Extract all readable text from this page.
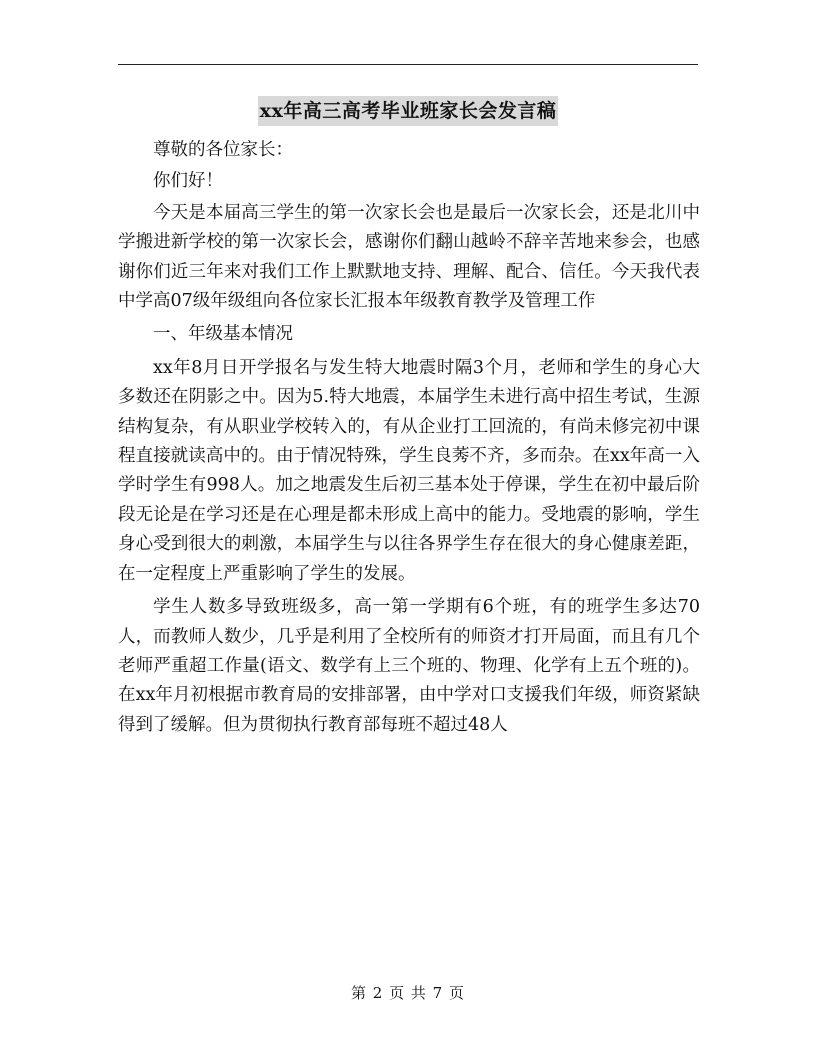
xx年高三高考毕业班家长会发言稿

尊敬的各位家长：

你们好！

今天是本届高三学生的第一次家长会也是最后一次家长会，还是北川中学搬进新学校的第一次家长会，感谢你们翻山越岭不辞辛苦地来参会，也感谢你们近三年来对我们工作上默默地支持、理解、配合、信任。今天我代表中学高07级年级组向各位家长汇报本年级教育教学及管理工作

一、年级基本情况

xx年8月日开学报名与发生特大地震时隔3个月，老师和学生的身心大多数还在阴影之中。因为5.特大地震，本届学生未进行高中招生考试，生源结构复杂，有从职业学校转入的，有从企业打工回流的，有尚未修完初中课程直接就读高中的。由于情况特殊，学生良莠不齐，多而杂。在xx年高一入学时学生有998人。加之地震发生后初三基本处于停课，学生在初中最后阶段无论是在学习还是在心理是都未形成上高中的能力。受地震的影响，学生身心受到很大的刺激，本届学生与以往各界学生存在很大的身心健康差距，在一定程度上严重影响了学生的发展。

学生人数多导致班级多，高一第一学期有6个班，有的班学生多达70人，而教师人数少，几乎是利用了全校所有的师资才打开局面，而且有几个老师严重超工作量(语文、数学有上三个班的、物理、化学有上五个班的)。在xx年月初根据市教育局的安排部署，由中学对口支援我们年级，师资紧缺得到了缓解。但为贯彻执行教育部每班不超过48人

第 2 页 共 7 页
